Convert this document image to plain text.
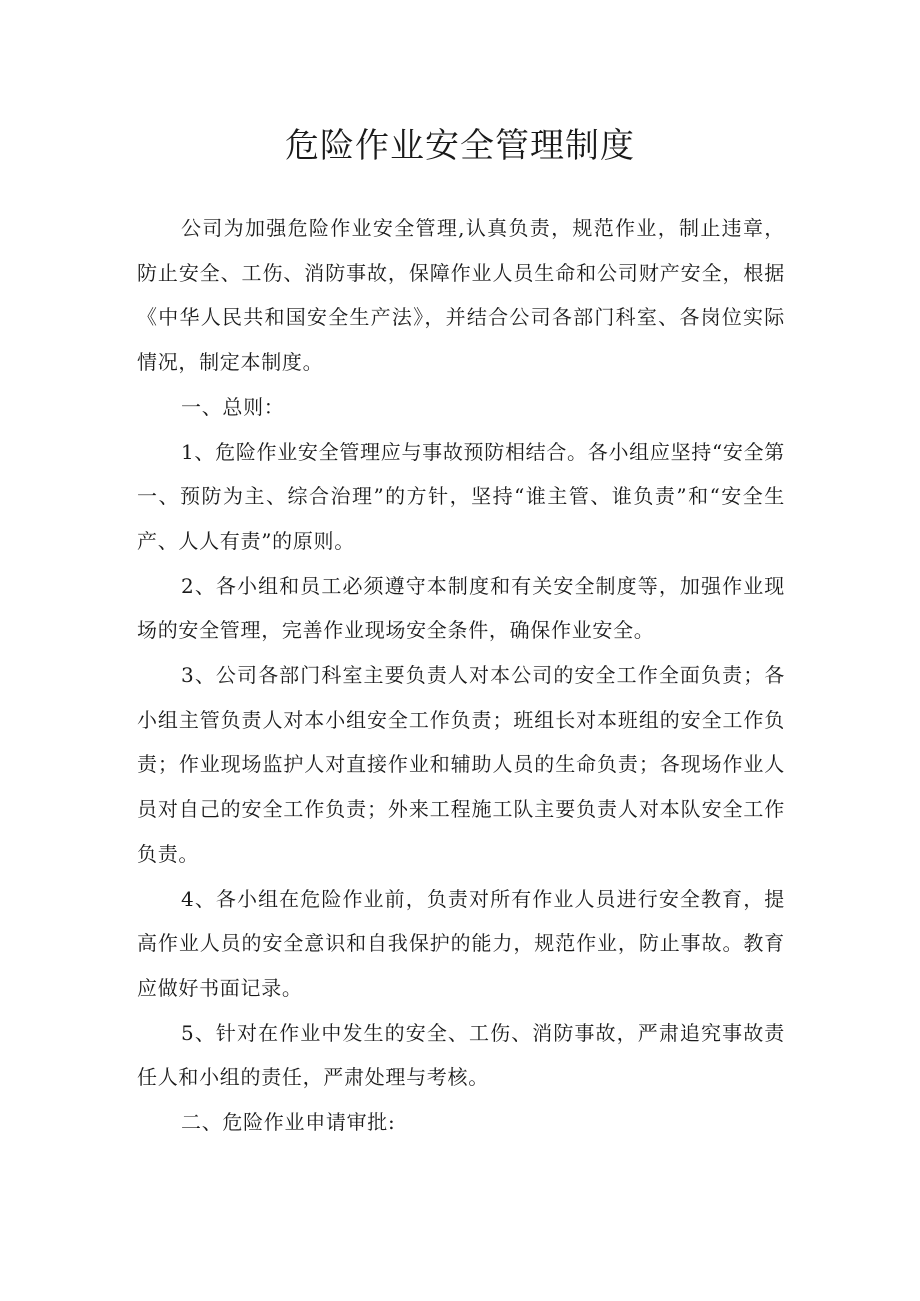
危险作业安全管理制度

公司为加强危险作业安全管理,认真负责，规范作业，制止违章，防止安全、工伤、消防事故，保障作业人员生命和公司财产安全，根据《中华人民共和国安全生产法》，并结合公司各部门科室、各岗位实际情况，制定本制度。

一、总则：

1、危险作业安全管理应与事故预防相结合。各小组应坚持“安全第一、预防为主、综合治理”的方针，坚持“谁主管、谁负责”和“安全生产、人人有责”的原则。

2、各小组和员工必须遵守本制度和有关安全制度等，加强作业现场的安全管理，完善作业现场安全条件，确保作业安全。

3、公司各部门科室主要负责人对本公司的安全工作全面负责；各小组主管负责人对本小组安全工作负责；班组长对本班组的安全工作负责；作业现场监护人对直接作业和辅助人员的生命负责；各现场作业人员对自己的安全工作负责；外来工程施工队主要负责人对本队安全工作负责。

4、各小组在危险作业前，负责对所有作业人员进行安全教育，提高作业人员的安全意识和自我保护的能力，规范作业，防止事故。教育应做好书面记录。

5、针对在作业中发生的安全、工伤、消防事故，严肃追究事故责任人和小组的责任，严肃处理与考核。

二、危险作业申请审批:
